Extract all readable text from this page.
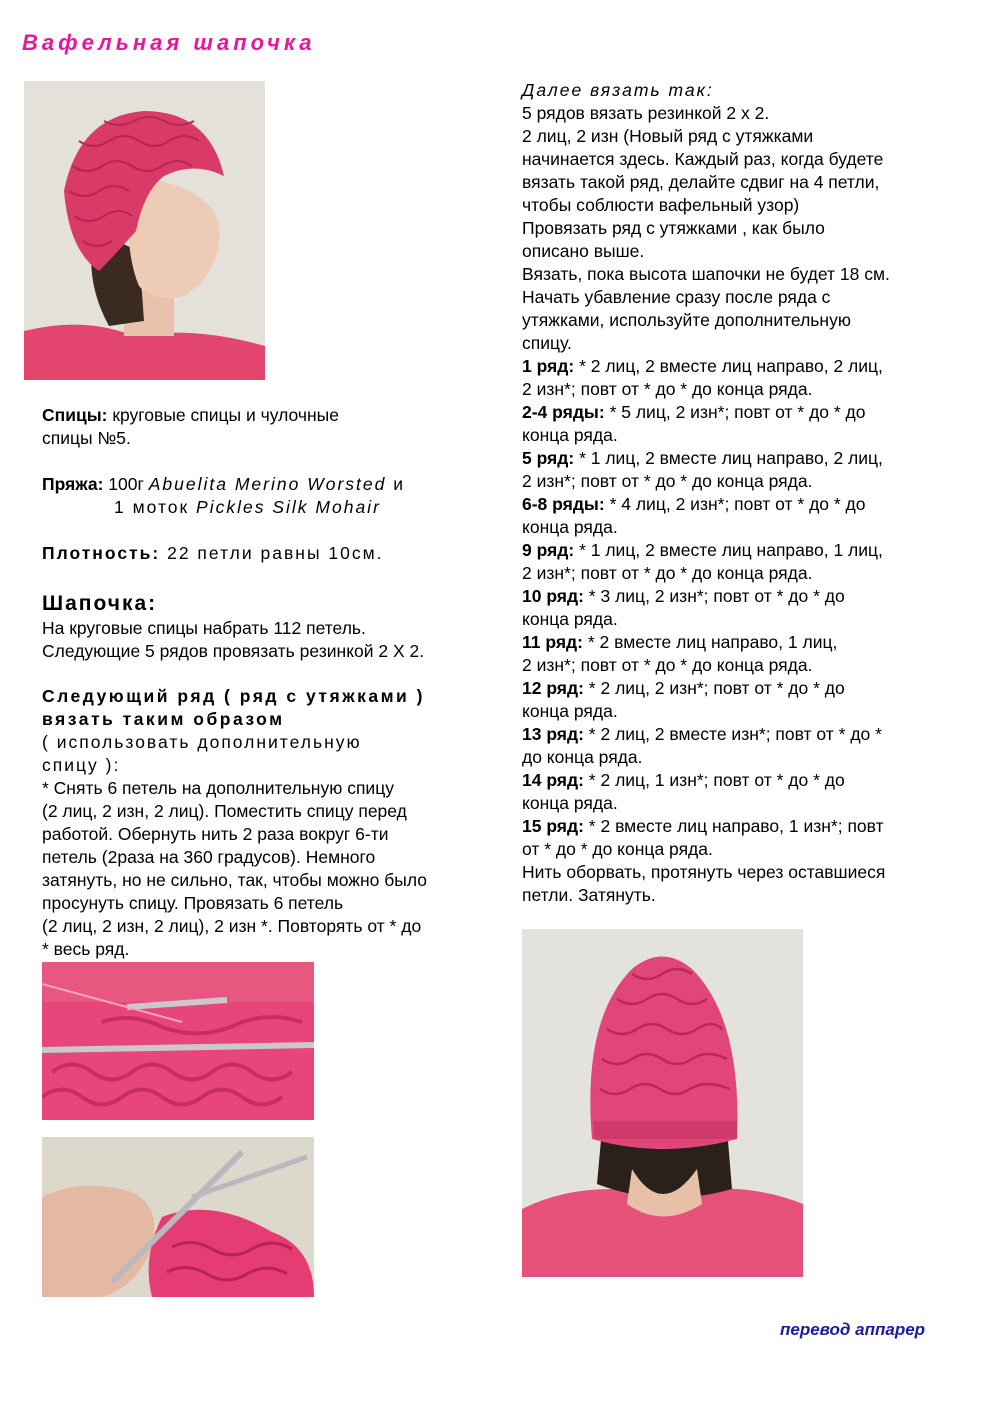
Вафельная шапочка

Спицы: круговые спицы и чулочные

спицы №5.

Пряжа: 100г Abuelita Merino Worsted и

1 моток Pickles Silk Mohair

Плотность: 22 петли равны 10см.

Шапочка:

На круговые спицы набрать 112 петель.

Следующие 5 рядов провязать резинкой 2 Х 2.

Следующий ряд ( ряд с утяжками )

вязать таким образом

( использовать дополнительную

спицу ):

* Снять 6 петель на дополнительную спицу

(2 лиц, 2 изн, 2 лиц). Поместить спицу перед

работой. Обернуть нить 2 раза вокруг 6-ти

петель (2раза на 360 градусов). Немного

затянуть, но не сильно, так, чтобы можно было

просунуть спицу. Провязать 6 петель

(2 лиц, 2 изн, 2 лиц), 2 изн *. Повторять от * до

* весь ряд.

Далее вязать так:

5 рядов вязать резинкой 2 х 2.

2 лиц, 2 изн (Новый ряд с утяжками

начинается здесь. Каждый раз, когда будете

вязать такой ряд, делайте сдвиг на 4 петли,

чтобы соблюсти вафельный узор)

Провязать ряд с утяжками , как было

описано выше.

Вязать, пока высота шапочки не будет 18 см.

Начать убавление сразу после ряда с

утяжками, используйте дополнительную

спицу.

1 ряд: * 2 лиц, 2 вместе лиц направо, 2 лиц,

2 изн*; повт от * до * до конца ряда.

2-4 ряды: * 5 лиц, 2 изн*; повт от * до * до

конца ряда.

5 ряд: * 1 лиц, 2 вместе лиц направо, 2 лиц,

2 изн*; повт от * до * до конца ряда.

6-8 ряды: * 4 лиц, 2 изн*; повт от * до * до

конца ряда.

9 ряд: * 1 лиц, 2 вместе лиц направо, 1 лиц,

2 изн*; повт от * до * до конца ряда.

10 ряд: * 3 лиц, 2 изн*; повт от * до * до

конца ряда.

11 ряд: * 2 вместе лиц направо, 1 лиц,

2 изн*; повт от * до * до конца ряда.

12 ряд: * 2 лиц, 2 изн*; повт от * до * до

конца ряда.

13 ряд: * 2 лиц, 2 вместе изн*; повт от * до *

до конца ряда.

14 ряд: * 2 лиц, 1 изн*; повт от * до * до

конца ряда.

15 ряд: * 2 вместе лиц направо, 1 изн*; повт

от * до * до конца ряда.

Нить оборвать, протянуть через оставшиеся

петли. Затянуть.

перевод аппарер
